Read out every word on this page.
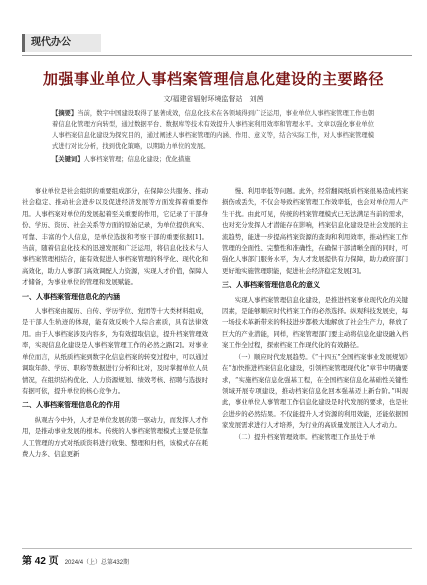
现代办公
加强事业单位人事档案管理信息化建设的主要路径
文/福建省辐射环境监督站　刘茜
【摘要】当前，数字中国建设取得了显著成效，信息化技术在各领域得到广泛运用，事业单位人事档案管理工作也朝着信息化管理方向转型，通过数据平台、数据库等技术有效提升人事档案利用效率和管理水平。文章以强化事业单位人事档案信息化建设为探究目的，通过阐述人事档案管理的内涵、作用、意义等，结合实际工作，对人事档案管理模式进行对比分析，找到优化策略，以期助力单位的发展。
【关键词】人事档案管理；信息化建设；优化措施

事业单位是社会组织的重要组成部分，在保障公共服务、推动社会稳定、推动社会进步以及促进经济发展等方面发挥着重要作用。人事档案对单位的发展起着至关重要的作用，它记录了干部身份、学历、资历、社会关系等方面的原始记录，为单位提供真实、可靠、丰富的个人信息，是单位选拔和考察干部的重要依据[1]。当前，随着信息化技术的迅速发展和广泛运用，将信息化技术与人事档案管理相结合，能有效促进人事档案管理的科学化、现代化和高效化，助力人事部门高效调配人力资源，实现人才价值，保障人才储备，为事业单位的管理和发展赋能。

一、人事档案管理信息化的内涵

人事档案由履历、自传、学历学位、党团等十大类材料组成，是干部人生轨迹的体现，能有效反映个人综合素质，具有法律效用。由于人事档案涉及内容多，为有效提取信息，提升档案管理效率，实现信息化建设是人事档案管理工作的必然之路[2]。对事业单位而言，从纸质档案到数字化信息档案的转变过程中，可以通过调取年龄、学历、职称等数据进行分析和比对，及时掌握单位人员情况，在组织结构优化、人力资源规划、绩效考核、招聘与选拔时有据可依，提升单位的核心竞争力。

二、人事档案管理信息化的作用

纵观古今中外，人才是单位发展的第一驱动力，而发挥人才作用，是推动事业发展的根本。传统的人事档案管理模式主要是依靠人工管理的方式对纸质资料进行收集、整理和归档，该模式存在耗费人力多、信息更新

慢、利用率低等问题。此外，经常翻阅纸质档案很易造成档案损伤或丢失，不仅会导致档案管理工作效率低，也会对单位用人产生干扰。由此可见，传统的档案管理模式已无法满足当前的需求，也对充分发挥人才潜能存在影响，档案信息化建设是社会发展的主流趋势，能进一步提高档案资源的查询和利用效率，推动档案工作管理的全面性、完整性和准确性，在确保干部清晰全面的同时，可强化人事部门服务水平，为人才发展提供有力保障，助力政府部门更好地实施管理职能，促进社会经济稳定发展[3]。

三、人事档案管理信息化的意义

实现人事档案管理信息化建设，是推进档案事业现代化的关键因素，是能够顺应时代档案工作的必然选择。纵观科技发展史，每一场技术革新带来的科技进步都极大地解放了社会生产力，释放了巨大的产业潜能，同样，档案管理部门要主动将信息化建设融入档案工作全过程，探索档案工作现代化的有效路径。

（一）顺应时代发展趋势。《“十四五”全国档案事业发展规划》在“加快推进档案信息化建设，引领档案管理现代化”章节中明确要求，“实施档案信息化强基工程，在全国档案信息化基础性关键性领域开展专项建设，推动档案信息化回本强基迈上新台阶。”叫现此，事业单位人事管理工作信息化建设是时代发展的要求，也是社会进步的必然结果。不仅能提升人才资源的利用效能，还能依据国家发展需求进行人才培养，为行业的高质量发展注入人才动力。

（二）提升档案管理效率。档案管理工作虽处于单

第 42 页 2024/4（上）总第432期
